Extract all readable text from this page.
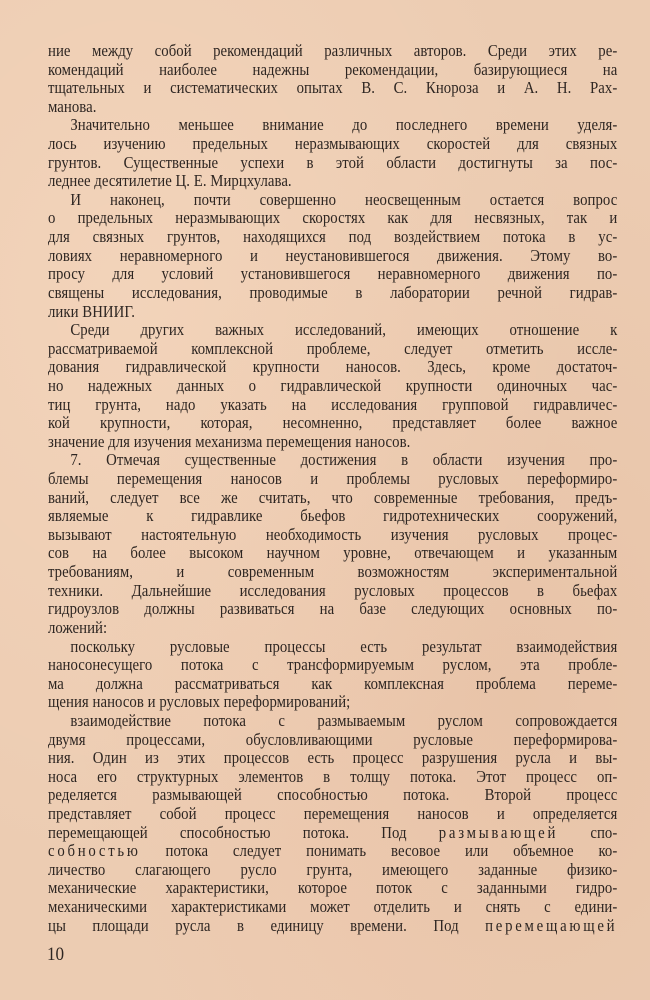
ние между собой рекомендаций различных авторов. Среди этих ре-
комендаций наиболее надежны рекомендации, базирующиеся на
тщательных и систематических опытах В. С. Кнороза и А. Н. Рах-
манова.
Значительно меньшее внимание до последнего времени уделя-
лось изучению предельных неразмывающих скоростей для связных
грунтов. Существенные успехи в этой области достигнуты за пос-
леднее десятилетие Ц. Е. Мирцхулава.
И наконец, почти совершенно неосвещенным остается вопрос
о предельных неразмывающих скоростях как для несвязных, так и
для связных грунтов, находящихся под воздействием потока в ус-
ловиях неравномерного и неустановившегося движения. Этому во-
просу для условий установившегося неравномерного движения по-
священы исследования, проводимые в лаборатории речной гидрав-
лики ВНИИГ.
Среди других важных исследований, имеющих отношение к
рассматриваемой комплексной проблеме, следует отметить иссле-
дования гидравлической крупности наносов. Здесь, кроме достаточ-
но надежных данных о гидравлической крупности одиночных час-
тиц грунта, надо указать на исследования групповой гидравличес-
кой крупности, которая, несомненно, представляет более важное
значение для изучения механизма перемещения наносов.
7. Отмечая существенные достижения в области изучения про-
блемы перемещения наносов и проблемы русловых переформиро-
ваний, следует все же считать, что современные требования, предъ-
являемые к гидравлике бьефов гидротехнических сооружений,
вызывают настоятельную необходимость изучения русловых процес-
сов на более высоком научном уровне, отвечающем и указанным
требованиям, и современным возможностям экспериментальной
техники. Дальнейшие исследования русловых процессов в бьефах
гидроузлов должны развиваться на базе следующих основных по-
ложений:
поскольку русловые процессы есть результат взаимодействия
наносонесущего потока с трансформируемым руслом, эта пробле-
ма должна рассматриваться как комплексная проблема переме-
щения наносов и русловых переформирований;
взаимодействие потока с размываемым руслом сопровождается
двумя процессами, обусловливающими русловые переформирова-
ния. Один из этих процессов есть процесс разрушения русла и вы-
носа его структурных элементов в толщу потока. Этот процесс оп-
ределяется размывающей способностью потока. Второй процесс
представляет собой процесс перемещения наносов и определяется
перемещающей способностью потока. Под размывающей спо-
собностью потока следует понимать весовое или объемное ко-
личество слагающего русло грунта, имеющего заданные физико-
механические характеристики, которое поток с заданными гидро-
механическими характеристиками может отделить и снять с едини-
цы площади русла в единицу времени. Под перемещающей
10
